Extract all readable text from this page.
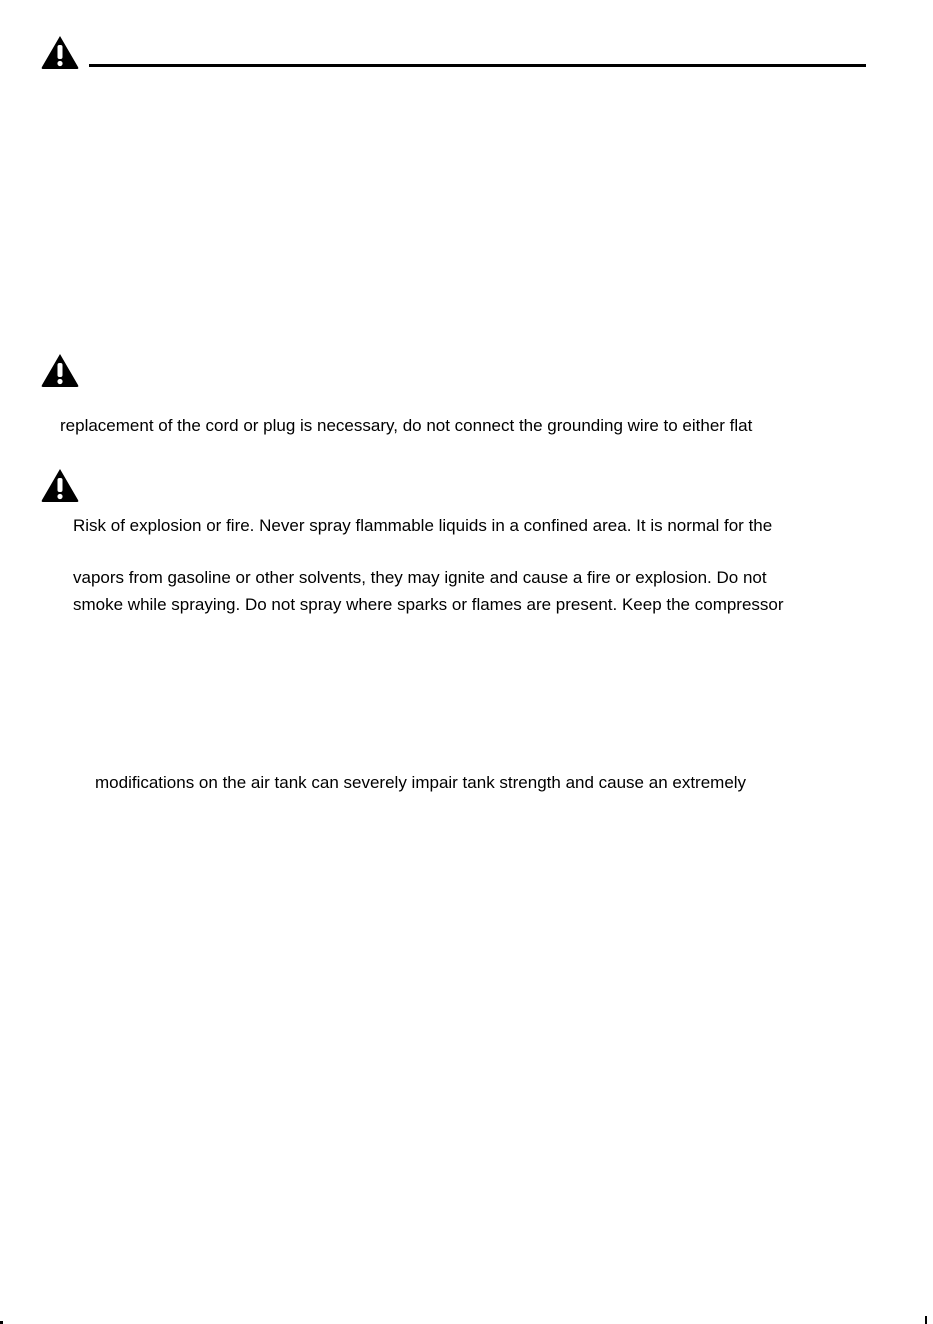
replacement of the cord or plug is necessary, do not connect the grounding wire to either flat

Risk of explosion or fire. Never spray flammable liquids in a confined area. It is normal for the

vapors from gasoline or other solvents, they may ignite and cause a fire or explosion. Do not

smoke while spraying. Do not spray where sparks or flames are present. Keep the compressor

modifications on the air tank can severely impair tank strength and cause an extremely
